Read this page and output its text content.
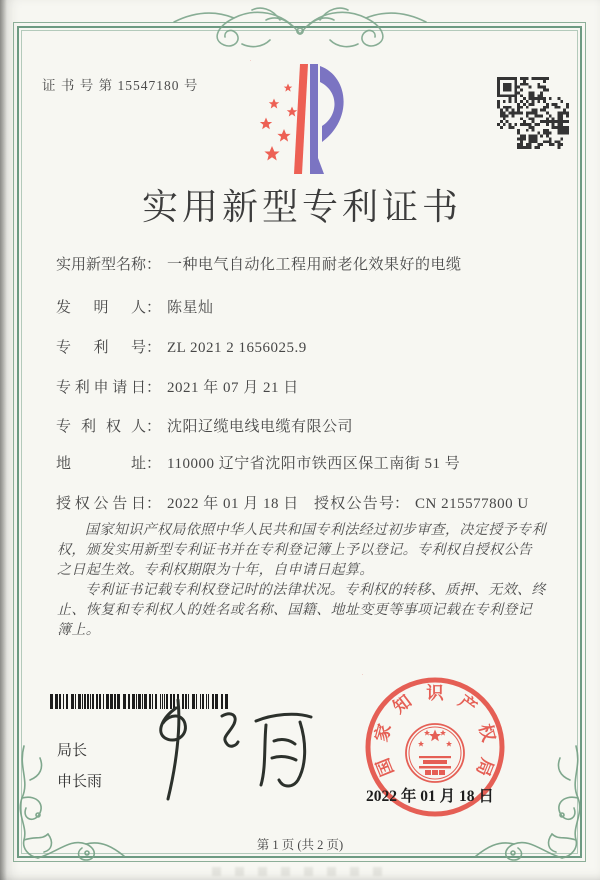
证 书 号 第 15547180 号
实用新型专利证书
实用新型名称： 一种电气自动化工程用耐老化效果好的电缆
发明人： 陈星灿
专利号： ZL 2021 2 1656025.9
专利申请日： 2021 年 07 月 21 日
专利权人： 沈阳辽缆电线电缆有限公司
地址： 110000 辽宁省沈阳市铁西区保工南街 51 号
授权公告日： 2022 年 01 月 18 日 授权公告号： CN 215577800 U

国家知识产权局依照中华人民共和国专利法经过初步审查，决定授予专利权，颁发实用新型专利证书并在专利登记簿上予以登记。专利权自授权公告之日起生效。专利权期限为十年，自申请日起算。

专利证书记载专利权登记时的法律状况。专利权的转移、质押、无效、终止、恢复和专利权人的姓名或名称、国籍、地址变更等事项记载在专利登记簿上。

局长
申长雨
国
家
知 识 产
权
局
2022 年 01 月 18 日
第 1 页 (共 2 页)
